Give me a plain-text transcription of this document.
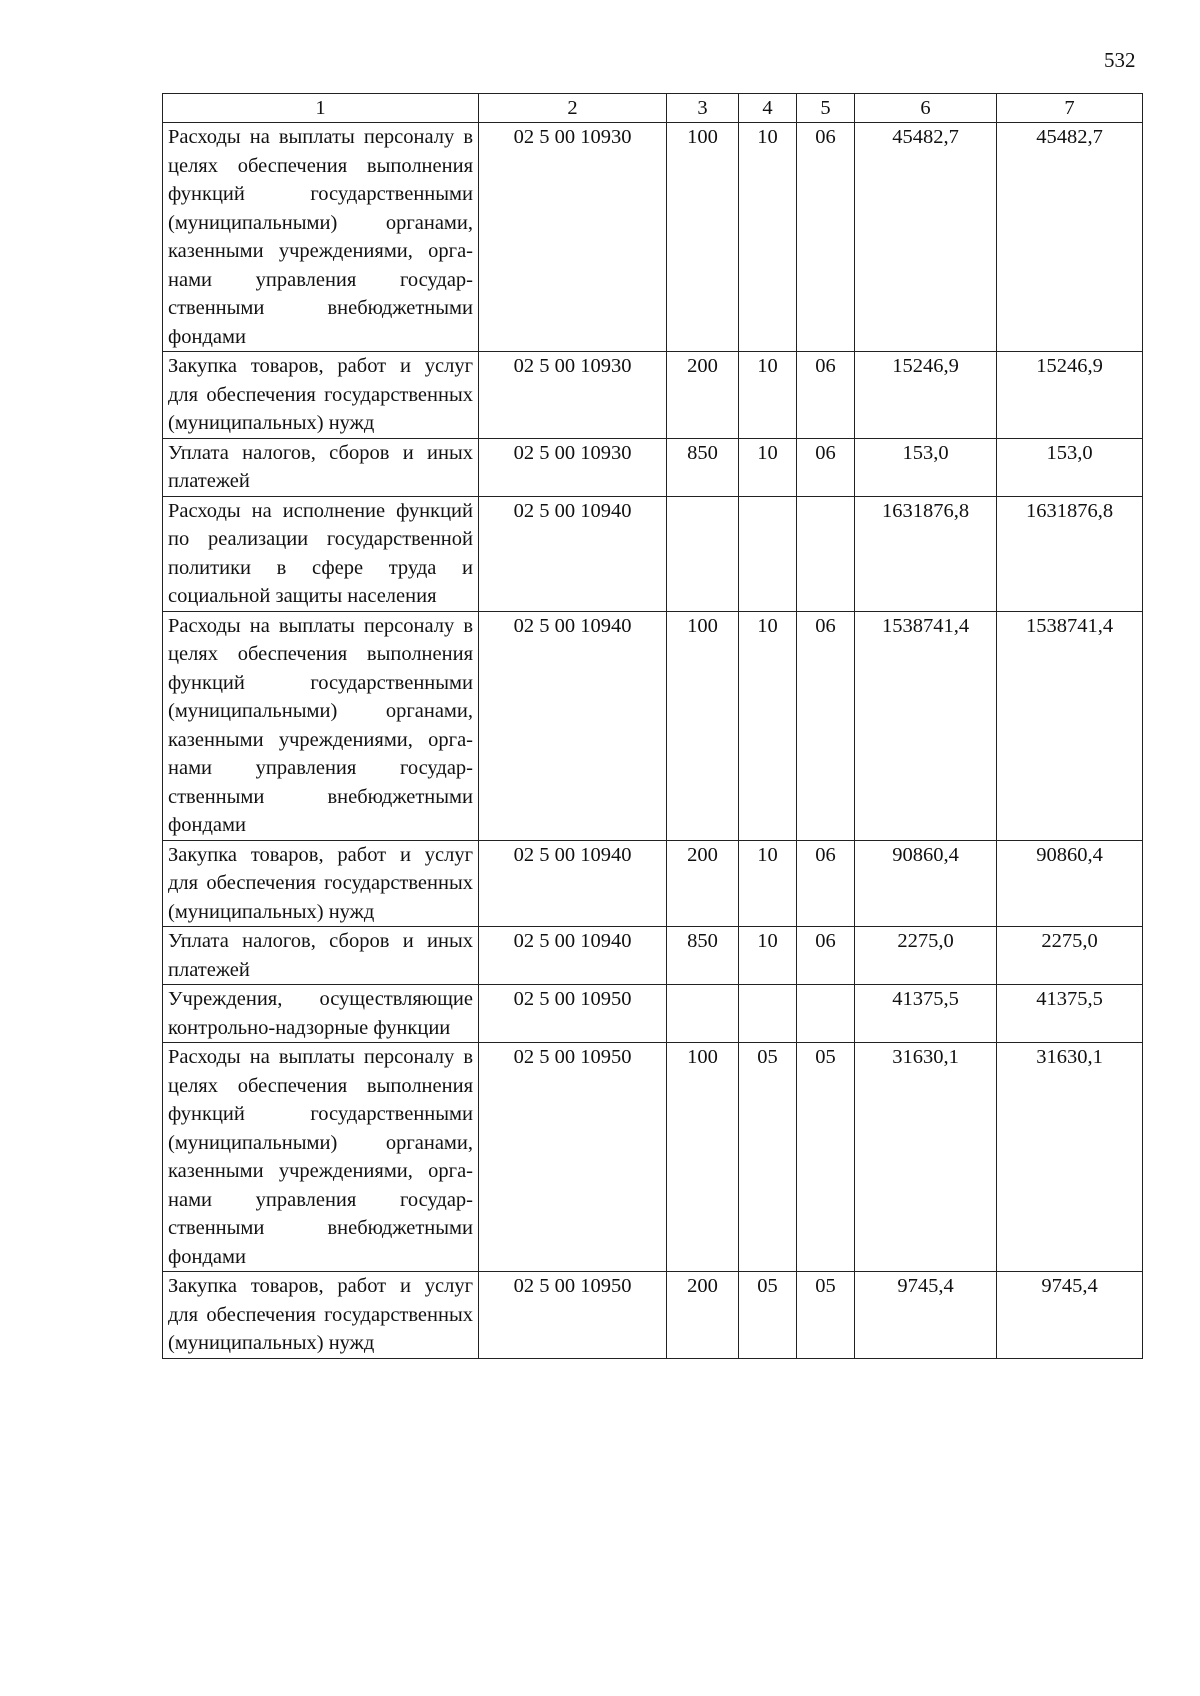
532
1	2	3	4	5	6	7
Расходы на выплаты персоналу в целях обеспечения выполнения функций государственными (муниципальными) органами, казенными учреждениями, органами управления государственными внебюджетными фондами	02 5 00 10930	100	10	06	45482,7	45482,7
Закупка товаров, работ и услуг для обеспечения государственных (муниципальных) нужд	02 5 00 10930	200	10	06	15246,9	15246,9
Уплата налогов, сборов и иных платежей	02 5 00 10930	850	10	06	153,0	153,0
Расходы на исполнение функций по реализации государственной политики в сфере труда и социальной защиты населения	02 5 00 10940				1631876,8	1631876,8
Расходы на выплаты персоналу в целях обеспечения выполнения функций государственными (муниципальными) органами, казенными учреждениями, органами управления государственными внебюджетными фондами	02 5 00 10940	100	10	06	1538741,4	1538741,4
Закупка товаров, работ и услуг для обеспечения государственных (муниципальных) нужд	02 5 00 10940	200	10	06	90860,4	90860,4
Уплата налогов, сборов и иных платежей	02 5 00 10940	850	10	06	2275,0	2275,0
Учреждения, осуществляющие контрольно-надзорные функции	02 5 00 10950				41375,5	41375,5
Расходы на выплаты персоналу в целях обеспечения выполнения функций государственными (муниципальными) органами, казенными учреждениями, органами управления государственными внебюджетными фондами	02 5 00 10950	100	05	05	31630,1	31630,1
Закупка товаров, работ и услуг для обеспечения государственных (муниципальных) нужд	02 5 00 10950	200	05	05	9745,4	9745,4
